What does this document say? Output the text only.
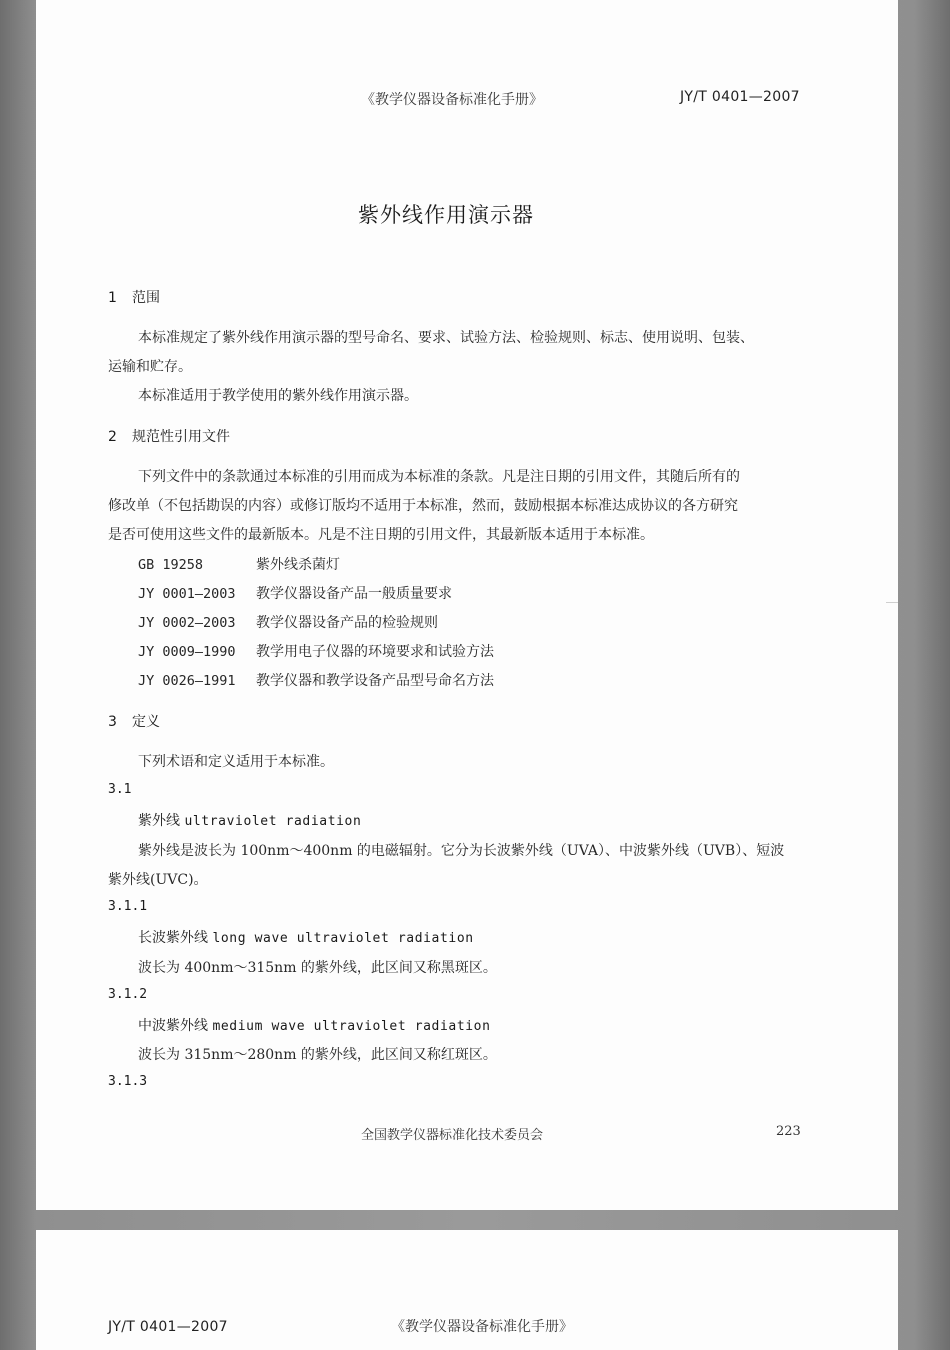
《教学仪器设备标准化手册》	JY/T 0401—2007
紫外线作用演示器
1 范围
本标准规定了紫外线作用演示器的型号命名、要求、试验方法、检验规则、标志、使用说明、包装、
运输和贮存。
本标准适用于教学使用的紫外线作用演示器。
2 规范性引用文件
下列文件中的条款通过本标准的引用而成为本标准的条款。凡是注日期的引用文件，其随后所有的
修改单（不包括勘误的内容）或修订版均不适用于本标准，然而，鼓励根据本标准达成协议的各方研究
是否可使用这些文件的最新版本。凡是不注日期的引用文件，其最新版本适用于本标准。
GB 19258	紫外线杀菌灯
JY 0001—2003 教学仪器设备产品一般质量要求
JY 0002—2003 教学仪器设备产品的检验规则
JY 0009—1990 教学用电子仪器的环境要求和试验方法
JY 0026—1991 教学仪器和教学设备产品型号命名方法
3 定义
下列术语和定义适用于本标准。
3.1
紫外线 ultraviolet radiation
紫外线是波长为 100nm～400nm 的电磁辐射。它分为长波紫外线（UVA）、中波紫外线（UVB）、短波
紫外线(UVC)。
3.1.1
长波紫外线 long wave ultraviolet radiation
波长为 400nm～315nm 的紫外线，此区间又称黑斑区。
3.1.2
中波紫外线 medium wave ultraviolet radiation
波长为 315nm～280nm 的紫外线，此区间又称红斑区。
3.1.3
全国教学仪器标准化技术委员会	223
JY/T 0401—2007	《教学仪器设备标准化手册》
